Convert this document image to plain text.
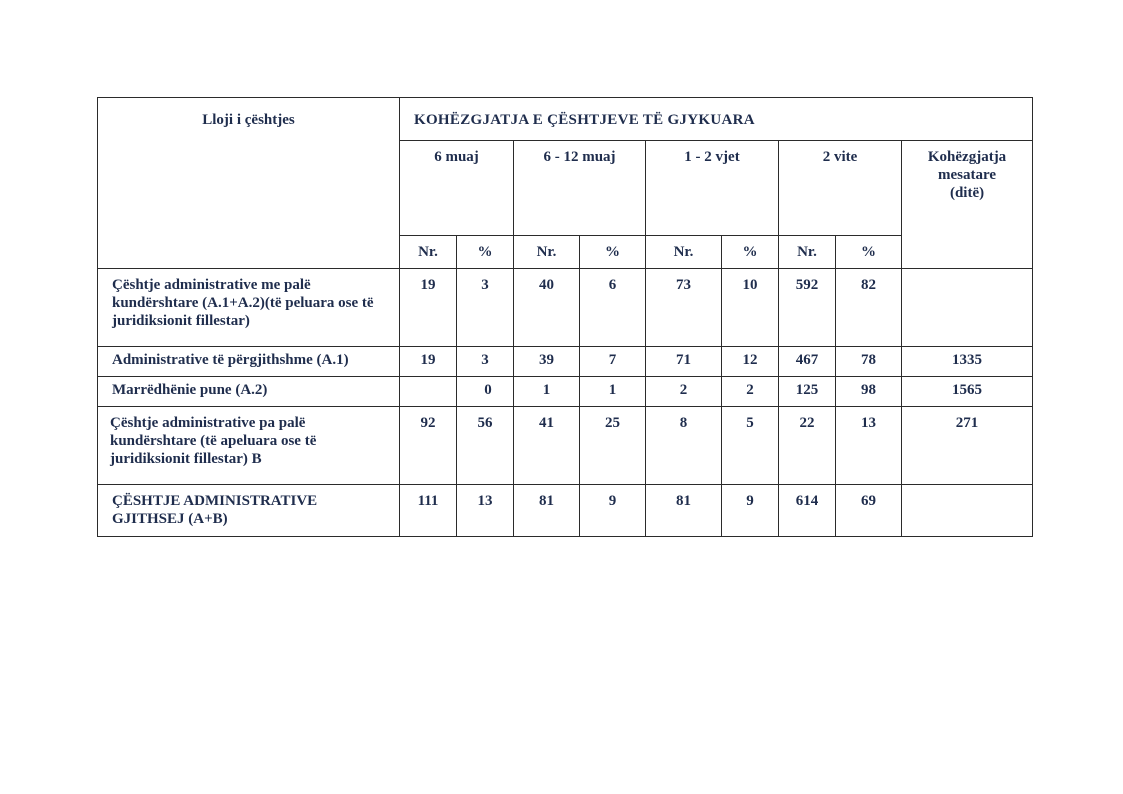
Lloji i çështjes	KOHËZGJATJA E ÇËSHTJEVE TË GJYKUARA								
	6 muaj		6 - 12 muaj		1 - 2 vjet		2 vite		Kohëzgjatja
mesatare
(ditë)

	Nr.	%	Nr.	%	Nr.	%	Nr.	%	
Çështje administrative me palë kundërshtare (A.1+A.2)(të peluara ose të juridiksionit fillestar)	19	3	40	6	73	10	592	82	
Administrative të përgjithshme (A.1)	19	3	39	7	71	12	467	78	1335
Marrëdhënie pune (A.2)		0	1	1	2	2	125	98	1565
Çështje administrative pa palë kundërshtare (të apeluara ose të juridiksionit fillestar) B	92	56	41	25	8	5	22	13	271
ÇËSHTJE ADMINISTRATIVE GJITHSEJ (A+B)	111	13	81	9	81	9	614	69	
